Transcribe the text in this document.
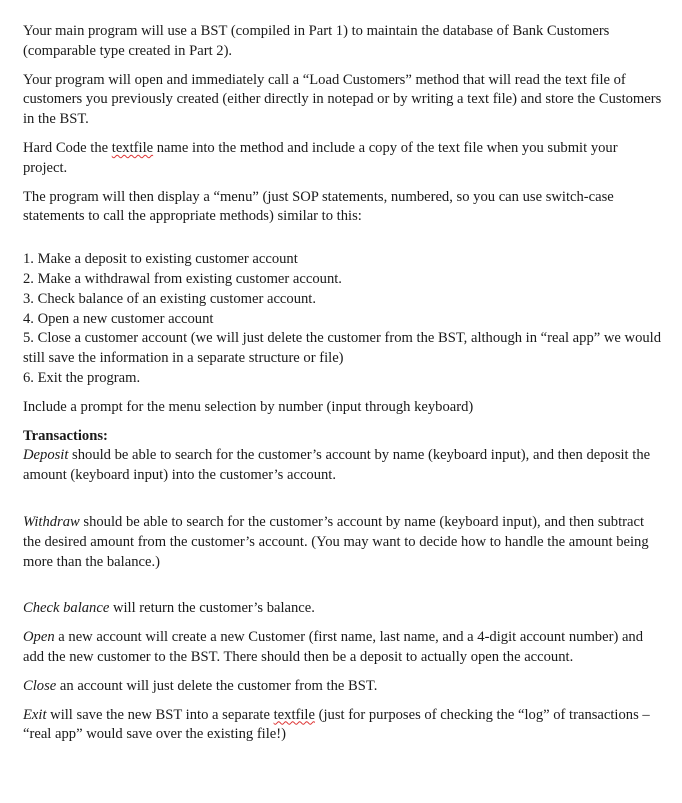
Your main program will use a BST (compiled in Part 1) to maintain the database of Bank Customers (comparable type created in Part 2).

Your program will open and immediately call a “Load Customers” method that will read the text file of customers you previously created (either directly in notepad or by writing a text file) and store the Customers in the BST.

Hard Code the textfile name into the method and include a copy of the text file when you submit your project.

The program will then display a “menu” (just SOP statements, numbered, so you can use switch-case statements to call the appropriate methods) similar to this:

1. Make a deposit to existing customer account
2. Make a withdrawal from existing customer account.
3. Check balance of an existing customer account.
4. Open a new customer account
5. Close a customer account (we will just delete the customer from the BST, although in “real app” we would still save the information in a separate structure or file)
6. Exit the program.

Include a prompt for the menu selection by number (input through keyboard)

Transactions:
Deposit should be able to search for the customer’s account by name (keyboard input), and then deposit the amount (keyboard input) into the customer’s account.

Withdraw should be able to search for the customer’s account by name (keyboard input), and then subtract the desired amount from the customer’s account. (You may want to decide how to handle the amount being more than the balance.)

Check balance will return the customer’s balance.

Open a new account will create a new Customer (first name, last name, and a 4-digit account number) and add the new customer to the BST. There should then be a deposit to actually open the account.

Close an account will just delete the customer from the BST.

Exit will save the new BST into a separate textfile (just for purposes of checking the “log” of transactions – “real app” would save over the existing file!)
